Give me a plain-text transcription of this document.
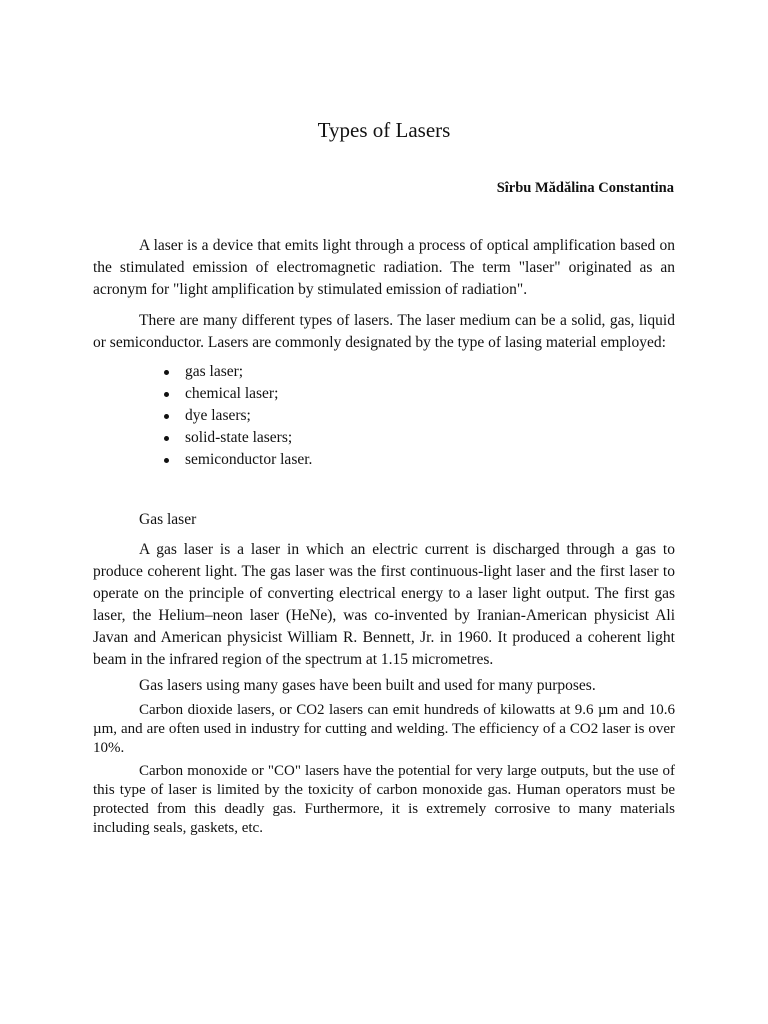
Types of Lasers
Sîrbu Mădălina Constantina

A laser is a device that emits light through a process of optical amplification based on the stimulated emission of electromagnetic radiation. The term "laser" originated as an acronym for "light amplification by stimulated emission of radiation".

There are many different types of lasers. The laser medium can be a solid, gas, liquid or semiconductor. Lasers are commonly designated by the type of lasing material employed:

gas laser;
chemical laser;
dye lasers;
solid-state lasers;
semiconductor laser.
Gas laser

A gas laser is a laser in which an electric current is discharged through a gas to produce coherent light. The gas laser was the first continuous-light laser and the first laser to operate on the principle of converting electrical energy to a laser light output. The first gas laser, the Helium–neon laser (HeNe), was co-invented by Iranian-American physicist Ali Javan and American physicist William R. Bennett, Jr. in 1960. It produced a coherent light beam in the infrared region of the spectrum at 1.15 micrometres.

Gas lasers using many gases have been built and used for many purposes.

Carbon dioxide lasers, or CO2 lasers can emit hundreds of kilowatts at 9.6 µm and 10.6 µm, and are often used in industry for cutting and welding. The efficiency of a CO2 laser is over 10%.

Carbon monoxide or "CO" lasers have the potential for very large outputs, but the use of this type of laser is limited by the toxicity of carbon monoxide gas. Human operators must be protected from this deadly gas. Furthermore, it is extremely corrosive to many materials including seals, gaskets, etc.
